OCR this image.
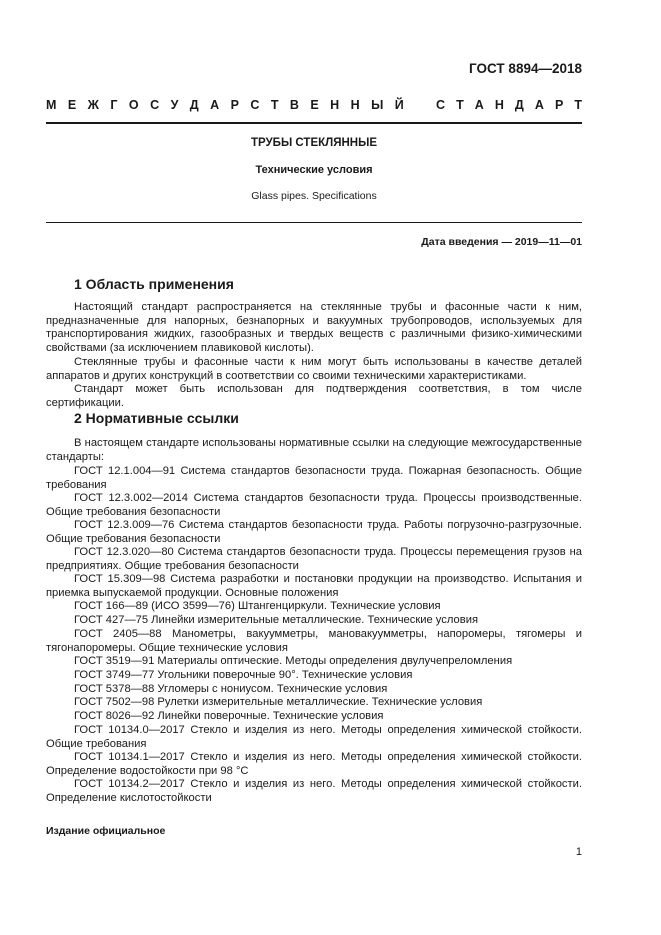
ГОСТ 8894—2018
М Е Ж Г О С У Д А Р С Т В Е Н Н Ы Й	С Т А Н Д А Р Т
ТРУБЫ СТЕКЛЯННЫЕ
Технические условия
Glass pipes. Specifications
Дата введения — 2019—11—01
1 Область применения

Настоящий стандарт распространяется на стеклянные трубы и фасонные части к ним, предназначенные для напорных, безнапорных и вакуумных трубопроводов, используемых для транспортирования жидких, газообразных и твердых веществ с различными физико-химическими свойствами (за исключением плавиковой кислоты).

Стеклянные трубы и фасонные части к ним могут быть использованы в качестве деталей аппаратов и других конструкций в соответствии со своими техническими характеристиками.

Стандарт может быть использован для подтверждения соответствия, в том числе сертификации.

2 Нормативные ссылки

В настоящем стандарте использованы нормативные ссылки на следующие межгосударственные стандарты:

ГОСТ 12.1.004—91 Система стандартов безопасности труда. Пожарная безопасность. Общие требования

ГОСТ 12.3.002—2014 Система стандартов безопасности труда. Процессы производственные. Общие требования безопасности

ГОСТ 12.3.009—76 Система стандартов безопасности труда. Работы погрузочно-разгрузочные. Общие требования безопасности

ГОСТ 12.3.020—80 Система стандартов безопасности труда. Процессы перемещения грузов на предприятиях. Общие требования безопасности

ГОСТ 15.309—98 Система разработки и постановки продукции на производство. Испытания и приемка выпускаемой продукции. Основные положения

ГОСТ 166—89 (ИСО 3599—76) Штангенциркули. Технические условия

ГОСТ 427—75 Линейки измерительные металлические. Технические условия

ГОСТ 2405—88 Манометры, вакуумметры, мановакуумметры, напоромеры, тягомеры и тягонапоромеры. Общие технические условия

ГОСТ 3519—91 Материалы оптические. Методы определения двулучепреломления

ГОСТ 3749—77 Угольники поверочные 90°. Технические условия

ГОСТ 5378—88 Угломеры с нониусом. Технические условия

ГОСТ 7502—98 Рулетки измерительные металлические. Технические условия

ГОСТ 8026—92 Линейки поверочные. Технические условия

ГОСТ 10134.0—2017 Стекло и изделия из него. Методы определения химической стойкости. Общие требования

ГОСТ 10134.1—2017 Стекло и изделия из него. Методы определения химической стойкости. Определение водостойкости при 98 °С

ГОСТ 10134.2—2017 Стекло и изделия из него. Методы определения химической стойкости. Определение кислотостойкости

Издание официальное
1
